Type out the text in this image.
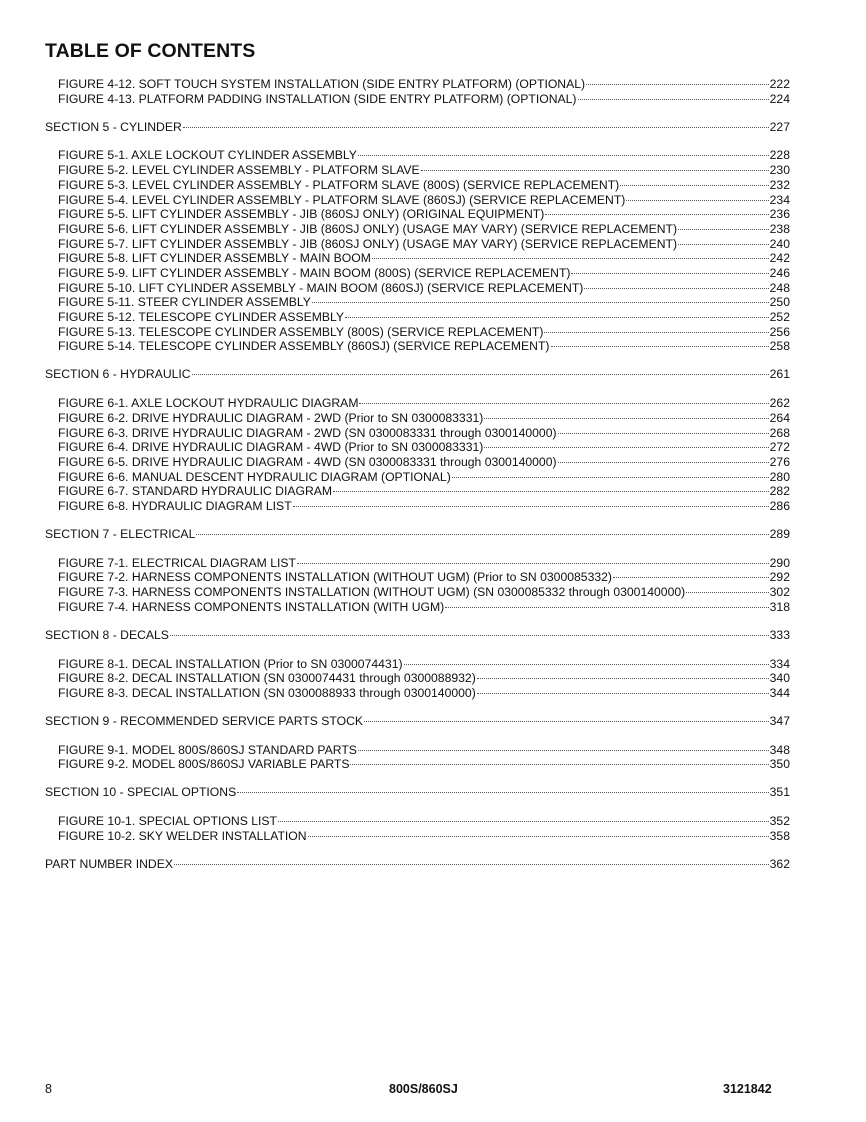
TABLE OF CONTENTS
FIGURE 4-12. SOFT TOUCH SYSTEM INSTALLATION (SIDE ENTRY PLATFORM) (OPTIONAL)	222
FIGURE 4-13. PLATFORM PADDING INSTALLATION (SIDE ENTRY PLATFORM) (OPTIONAL)	224
SECTION 5 - CYLINDER	227
FIGURE 5-1. AXLE LOCKOUT CYLINDER ASSEMBLY	228
FIGURE 5-2. LEVEL CYLINDER ASSEMBLY - PLATFORM SLAVE	230
FIGURE 5-3. LEVEL CYLINDER ASSEMBLY - PLATFORM SLAVE (800S) (SERVICE REPLACEMENT)	232
FIGURE 5-4. LEVEL CYLINDER ASSEMBLY - PLATFORM SLAVE (860SJ) (SERVICE REPLACEMENT)	234
FIGURE 5-5. LIFT CYLINDER ASSEMBLY - JIB (860SJ ONLY) (ORIGINAL EQUIPMENT)	236
FIGURE 5-6. LIFT CYLINDER ASSEMBLY - JIB (860SJ ONLY) (USAGE MAY VARY) (SERVICE REPLACEMENT)	238
FIGURE 5-7. LIFT CYLINDER ASSEMBLY - JIB (860SJ ONLY) (USAGE MAY VARY) (SERVICE REPLACEMENT)	240
FIGURE 5-8. LIFT CYLINDER ASSEMBLY - MAIN BOOM	242
FIGURE 5-9. LIFT CYLINDER ASSEMBLY - MAIN BOOM (800S) (SERVICE REPLACEMENT)	246
FIGURE 5-10. LIFT CYLINDER ASSEMBLY - MAIN BOOM (860SJ) (SERVICE REPLACEMENT)	248
FIGURE 5-11. STEER CYLINDER ASSEMBLY	250
FIGURE 5-12. TELESCOPE CYLINDER ASSEMBLY	252
FIGURE 5-13. TELESCOPE CYLINDER ASSEMBLY (800S) (SERVICE REPLACEMENT)	256
FIGURE 5-14. TELESCOPE CYLINDER ASSEMBLY (860SJ) (SERVICE REPLACEMENT)	258
SECTION 6 - HYDRAULIC	261
FIGURE 6-1. AXLE LOCKOUT HYDRAULIC DIAGRAM	262
FIGURE 6-2. DRIVE HYDRAULIC DIAGRAM - 2WD (Prior to SN 0300083331)	264
FIGURE 6-3. DRIVE HYDRAULIC DIAGRAM - 2WD (SN 0300083331 through 0300140000)	268
FIGURE 6-4. DRIVE HYDRAULIC DIAGRAM - 4WD (Prior to SN 0300083331)	272
FIGURE 6-5. DRIVE HYDRAULIC DIAGRAM - 4WD (SN 0300083331 through 0300140000)	276
FIGURE 6-6. MANUAL DESCENT HYDRAULIC DIAGRAM (OPTIONAL)	280
FIGURE 6-7. STANDARD HYDRAULIC DIAGRAM	282
FIGURE 6-8. HYDRAULIC DIAGRAM LIST	286
SECTION 7 - ELECTRICAL	289
FIGURE 7-1. ELECTRICAL DIAGRAM LIST	290
FIGURE 7-2. HARNESS COMPONENTS INSTALLATION (WITHOUT UGM) (Prior to SN 0300085332)	292
FIGURE 7-3. HARNESS COMPONENTS INSTALLATION (WITHOUT UGM) (SN 0300085332 through 0300140000)	302
FIGURE 7-4. HARNESS COMPONENTS INSTALLATION (WITH UGM)	318
SECTION 8 - DECALS	333
FIGURE 8-1. DECAL INSTALLATION (Prior to SN 0300074431)	334
FIGURE 8-2. DECAL INSTALLATION (SN 0300074431 through 0300088932)	340
FIGURE 8-3. DECAL INSTALLATION (SN 0300088933 through 0300140000)	344
SECTION 9 - RECOMMENDED SERVICE PARTS STOCK	347
FIGURE 9-1. MODEL 800S/860SJ STANDARD PARTS	348
FIGURE 9-2. MODEL 800S/860SJ VARIABLE PARTS	350
SECTION 10 - SPECIAL OPTIONS	351
FIGURE 10-1. SPECIAL OPTIONS LIST	352
FIGURE 10-2. SKY WELDER INSTALLATION	358
PART NUMBER INDEX	362
8	800S/860SJ	3121842
